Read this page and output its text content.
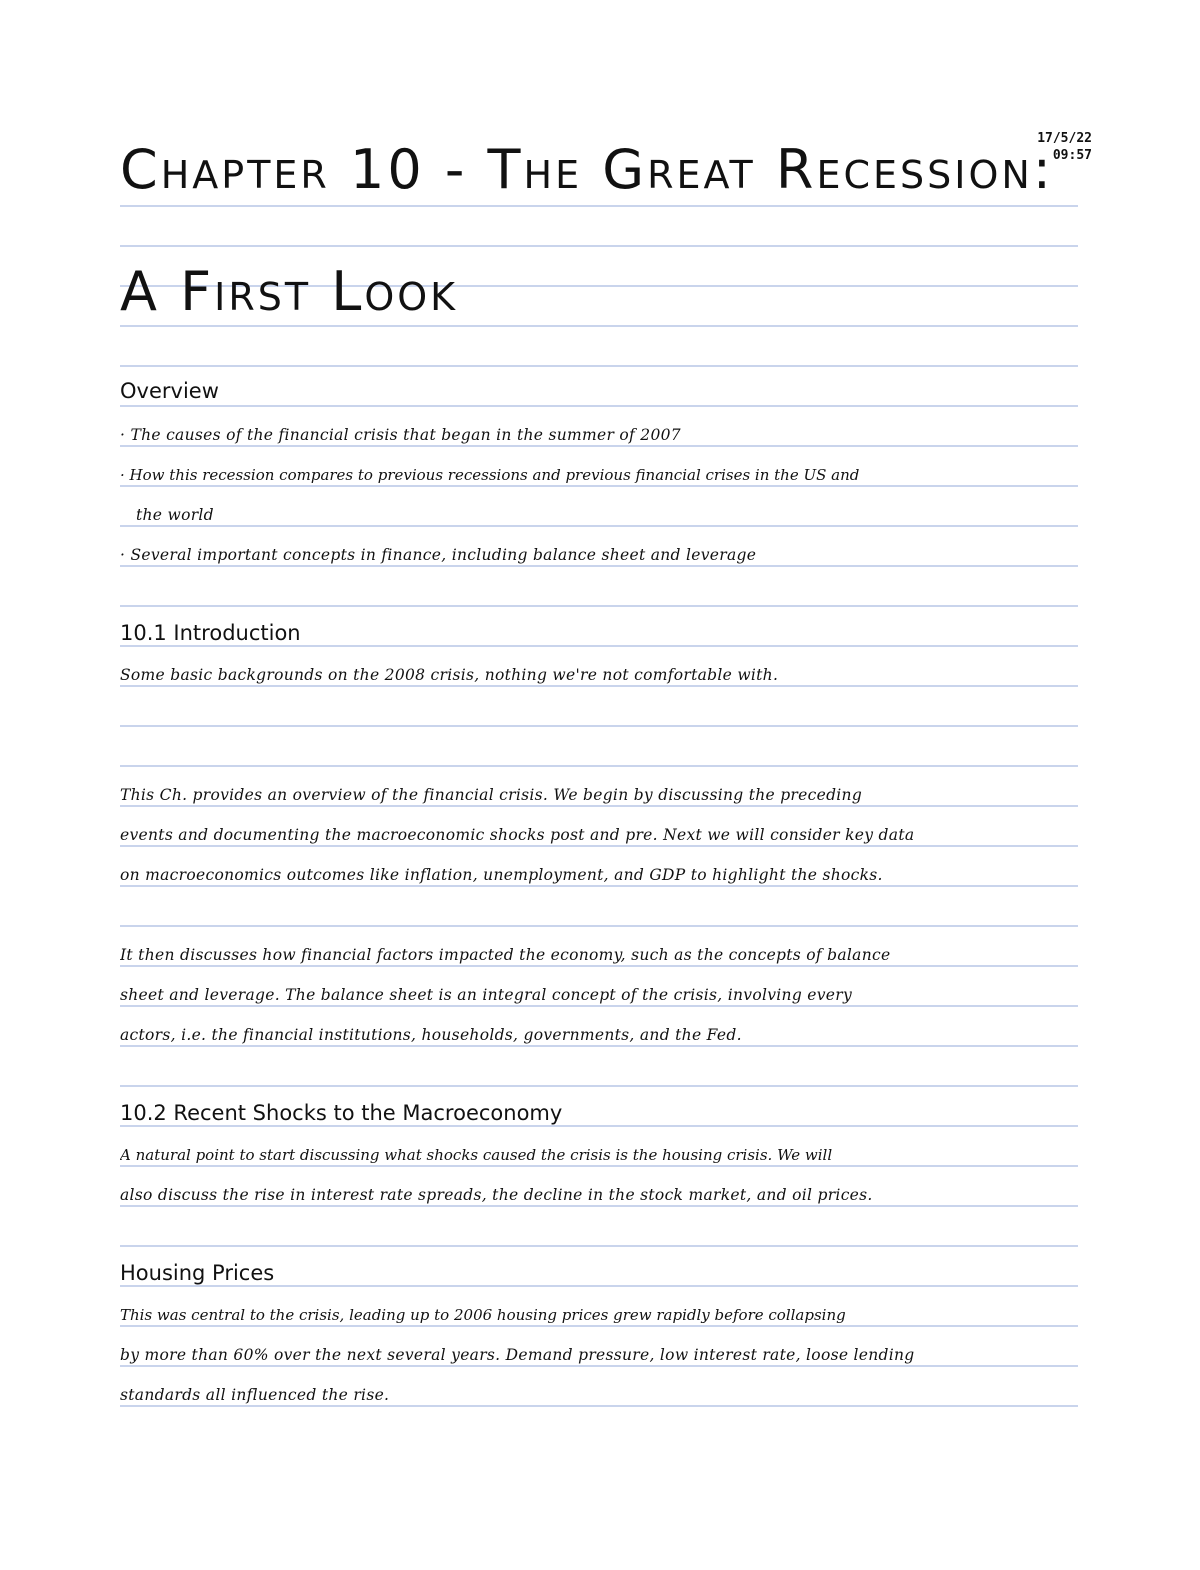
17/5/22
09:57
Chapter 10 - The Great Recession:
A First Look
Overview
· The causes of the financial crisis that began in the summer of 2007
· How this recession compares to previous recessions and previous financial crises in the US and
the world
· Several important concepts in finance, including balance sheet and leverage
10.1 Introduction
Some basic backgrounds on the 2008 crisis, nothing we're not comfortable with.
This Ch. provides an overview of the financial crisis. We begin by discussing the preceding
events and documenting the macroeconomic shocks post and pre. Next we will consider key data
on macroeconomics outcomes like inflation, unemployment, and GDP to highlight the shocks.
It then discusses how financial factors impacted the economy, such as the concepts of balance
sheet and leverage. The balance sheet is an integral concept of the crisis, involving every
actors, i.e. the financial institutions, households, governments, and the Fed.
10.2 Recent Shocks to the Macroeconomy
A natural point to start discussing what shocks caused the crisis is the housing crisis. We will
also discuss the rise in interest rate spreads, the decline in the stock market, and oil prices.
Housing Prices
This was central to the crisis, leading up to 2006 housing prices grew rapidly before collapsing
by more than 60% over the next several years. Demand pressure, low interest rate, loose lending
standards all influenced the rise.
